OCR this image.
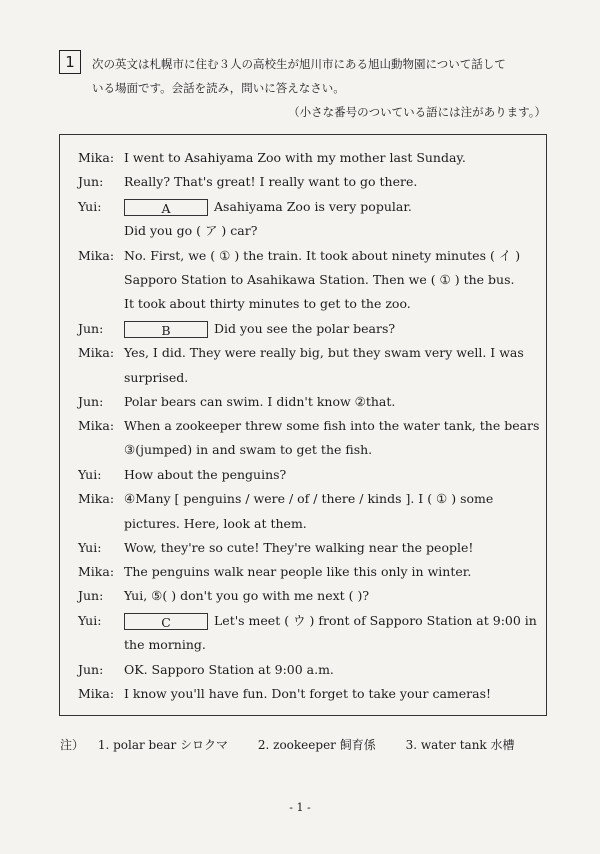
1	次の英文は札幌市に住む３人の高校生が旭川市にある旭山動物園について話して
いる場面です。会話を読み，問いに答えなさい。
（小さな番号のついている語には注があります。）
Mika: I went to Asahiyama Zoo with my mother last Sunday.
Jun: Really? That's great! I really want to go there.
Yui:	A	Asahiyama Zoo is very popular.
Did you go ( ア ) car?
Mika: No. First, we ( ① ) the train. It took about ninety minutes ( イ )
Sapporo Station to Asahikawa Station. Then we ( ① ) the bus.
It took about thirty minutes to get to the zoo.
Jun:	B	Did you see the polar bears?
Mika: Yes, I did. They were really big, but they swam very well. I was
surprised.
Jun: Polar bears can swim. I didn't know ②that.
Mika: When a zookeeper threw some fish into the water tank, the bears
③(jumped) in and swam to get the fish.
Yui: How about the penguins?
Mika: ④Many [ penguins / were / of / there / kinds ]. I ( ① ) some
pictures. Here, look at them.
Yui: Wow, they're so cute! They're walking near the people!
Mika: The penguins walk near people like this only in winter.
Jun: Yui, ⑤( ) don't you go with me next ( )?
Yui:	C	Let's meet ( ウ ) front of Sapporo Station at 9:00 in
the morning.
Jun: OK. Sapporo Station at 9:00 a.m.
Mika: I know you'll have fun. Don't forget to take your cameras!
注） 1. polar bear シロクマ 2. zookeeper 飼育係 3. water tank 水槽
- 1 -
